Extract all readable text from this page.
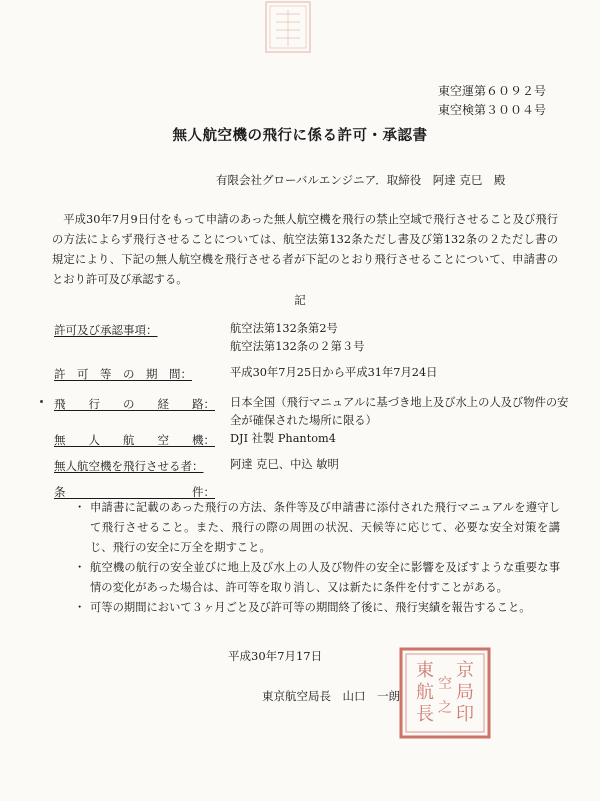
東空運第６０９２号
東空検第３００４号
無人航空機の飛行に係る許可・承認書
有限会社グローバルエンジニア．取締役　阿達 克巳　殿

平成30年7月9日付をもって申請のあった無人航空機を飛行の禁止空域で飛行させること及び飛行の方法によらず飛行させることについては、航空法第132条ただし書及び第132条の２ただし書の規定により、下記の無人航空機を飛行させる者が下記のとおり飛行させることについて、申請書のとおり許可及び承認する。

記
許可及び承認事項：	航空法第132条第2号
航空法第132条の２第３号
許　可　等　の　期　間：	平成30年7月25日から平成31年7月24日
飛　　行　　の　　経　　路：	日本全国（飛行マニュアルに基づき地上及び水上の人及び物件の安全が確保された場所に限る）
無　　人　　航　　空　　機：	DJI 社製 Phantom4
無人航空機を飛行させる者：	阿達 克巳、中込 敏明
条　　　　　　　　　　　件：
・ 申請書に記載のあった飛行の方法、条件等及び申請書に添付された飛行マニュアルを遵守して飛行させること。また、飛行の際の周囲の状況、天候等に応じて、必要な安全対策を講じ、飛行の安全に万全を期すこと。
・ 航空機の航行の安全並びに地上及び水上の人及び物件の安全に影響を及ぼすような重要な事情の変化があった場合は、許可等を取り消し、又は新たに条件を付すことがある。
・ 可等の期間において３ヶ月ごと及び許可等の期間終了後に、飛行実績を報告すること。
平成30年7月17日
東京航空局長　山口　一朗
京
局
印
東
航
長
空
之
